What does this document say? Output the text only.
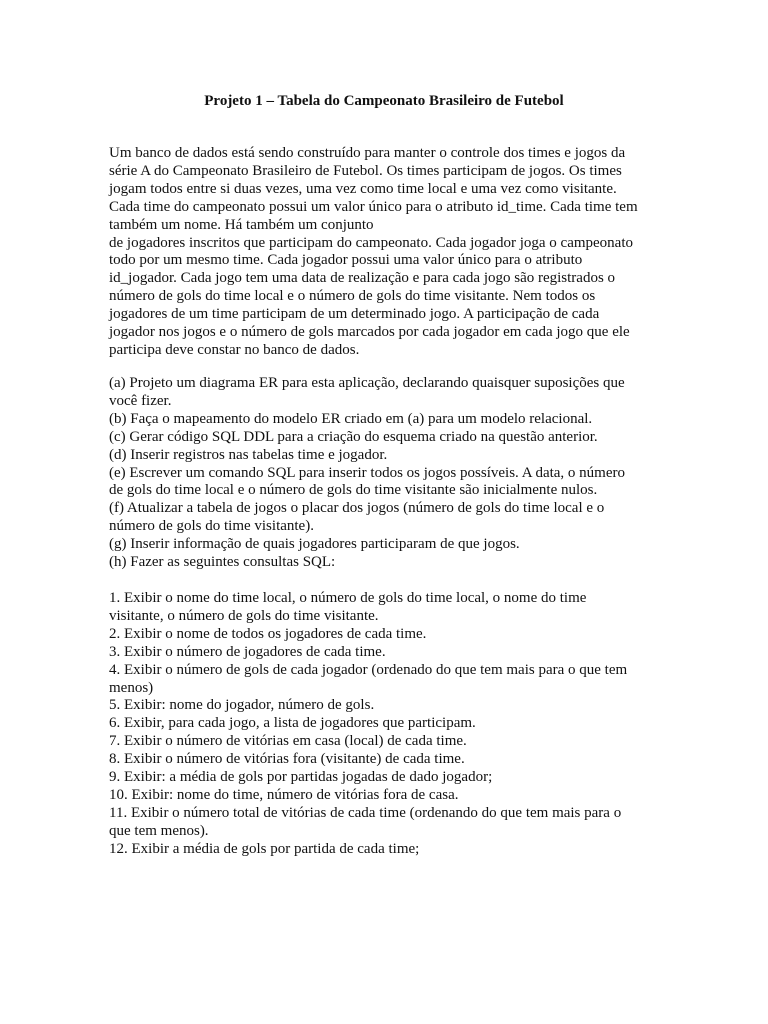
Projeto 1 – Tabela do Campeonato Brasileiro de Futebol
Um banco de dados está sendo construído para manter o controle dos times e jogos da
série A do Campeonato Brasileiro de Futebol. Os times participam de jogos. Os times
jogam todos entre si duas vezes, uma vez como time local e uma vez como visitante.
Cada time do campeonato possui um valor único para o atributo id_time. Cada time tem
também um nome. Há também um conjunto
de jogadores inscritos que participam do campeonato. Cada jogador joga o campeonato
todo por um mesmo time. Cada jogador possui uma valor único para o atributo
id_jogador. Cada jogo tem uma data de realização e para cada jogo são registrados o
número de gols do time local e o número de gols do time visitante. Nem todos os
jogadores de um time participam de um determinado jogo. A participação de cada
jogador nos jogos e o número de gols marcados por cada jogador em cada jogo que ele
participa deve constar no banco de dados.
(a) Projeto um diagrama ER para esta aplicação, declarando quaisquer suposições que
você fizer.
(b) Faça o mapeamento do modelo ER criado em (a) para um modelo relacional.
(c) Gerar código SQL DDL para a criação do esquema criado na questão anterior.
(d) Inserir registros nas tabelas time e jogador.
(e) Escrever um comando SQL para inserir todos os jogos possíveis. A data, o número
de gols do time local e o número de gols do time visitante são inicialmente nulos.
(f) Atualizar a tabela de jogos o placar dos jogos (número de gols do time local e o
número de gols do time visitante).
(g) Inserir informação de quais jogadores participaram de que jogos.
(h) Fazer as seguintes consultas SQL:
1. Exibir o nome do time local, o número de gols do time local, o nome do time
visitante, o número de gols do time visitante.
2. Exibir o nome de todos os jogadores de cada time.
3. Exibir o número de jogadores de cada time.
4. Exibir o número de gols de cada jogador (ordenado do que tem mais para o que tem
menos)
5. Exibir: nome do jogador, número de gols.
6. Exibir, para cada jogo, a lista de jogadores que participam.
7. Exibir o número de vitórias em casa (local) de cada time.
8. Exibir o número de vitórias fora (visitante) de cada time.
9. Exibir: a média de gols por partidas jogadas de dado jogador;
10. Exibir: nome do time, número de vitórias fora de casa.
11. Exibir o número total de vitórias de cada time (ordenando do que tem mais para o
que tem menos).
12. Exibir a média de gols por partida de cada time;
